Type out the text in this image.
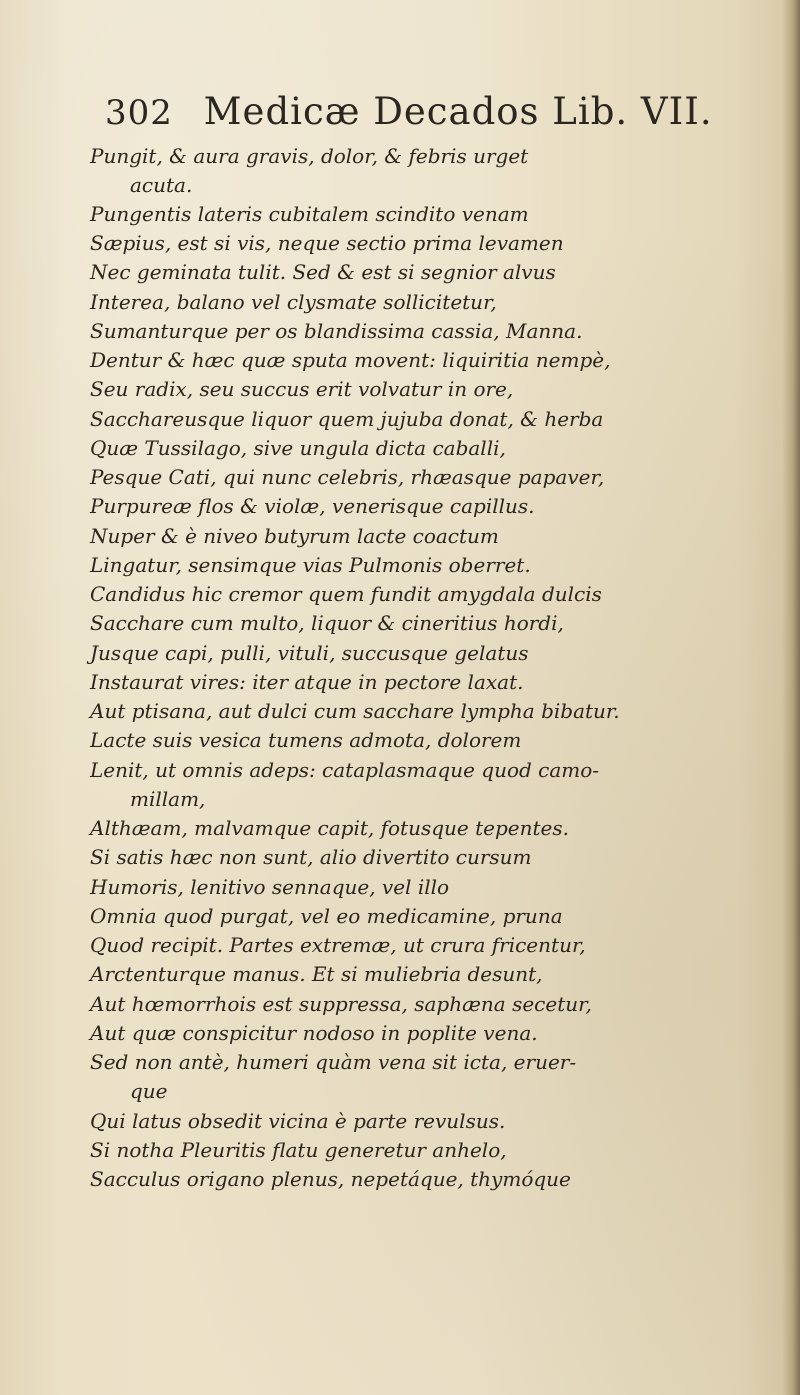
302 Medicæ Decados Lib. VII.
Pungit, & aura gravis, dolor, & febris urget
acuta.
Pungentis lateris cubitalem scindito venam
Sæpius, est si vis, neque sectio prima levamen
Nec geminata tulit. Sed & est si segnior alvus
Interea, balano vel clysmate sollicitetur,
Sumanturque per os blandissima cassia, Manna.
Dentur & hæc quæ sputa movent: liquiritia nempè,
Seu radix, seu succus erit volvatur in ore,
Sacchareusque liquor quem jujuba donat, & herba
Quæ Tussilago, sive ungula dicta caballi,
Pesque Cati, qui nunc celebris, rhæasque papaver,
Purpureæ flos & violæ, venerisque capillus.
Nuper & è niveo butyrum lacte coactum
Lingatur, sensimque vias Pulmonis oberret.
Candidus hic cremor quem fundit amygdala dulcis
Sacchare cum multo, liquor & cineritius hordi,
Jusque capi, pulli, vituli, succusque gelatus
Instaurat vires: iter atque in pectore laxat.
Aut ptisana, aut dulci cum sacchare lympha bibatur.
Lacte suis vesica tumens admota, dolorem
Lenit, ut omnis adeps: cataplasmaque quod camo-
millam,
Althæam, malvamque capit, fotusque tepentes.
Si satis hæc non sunt, alio divertito cursum
Humoris, lenitivo sennaque, vel illo
Omnia quod purgat, vel eo medicamine, pruna
Quod recipit. Partes extremæ, ut crura fricentur,
Arctenturque manus. Et si muliebria desunt,
Aut hœmorrhois est suppressa, saphæna secetur,
Aut quæ conspicitur nodoso in poplite vena.
Sed non antè, humeri quàm vena sit icta, eruer-
que
Qui latus obsedit vicina è parte revulsus.
Si notha Pleuritis flatu generetur anhelo,
Sacculus origano plenus, nepetáque, thymóque
